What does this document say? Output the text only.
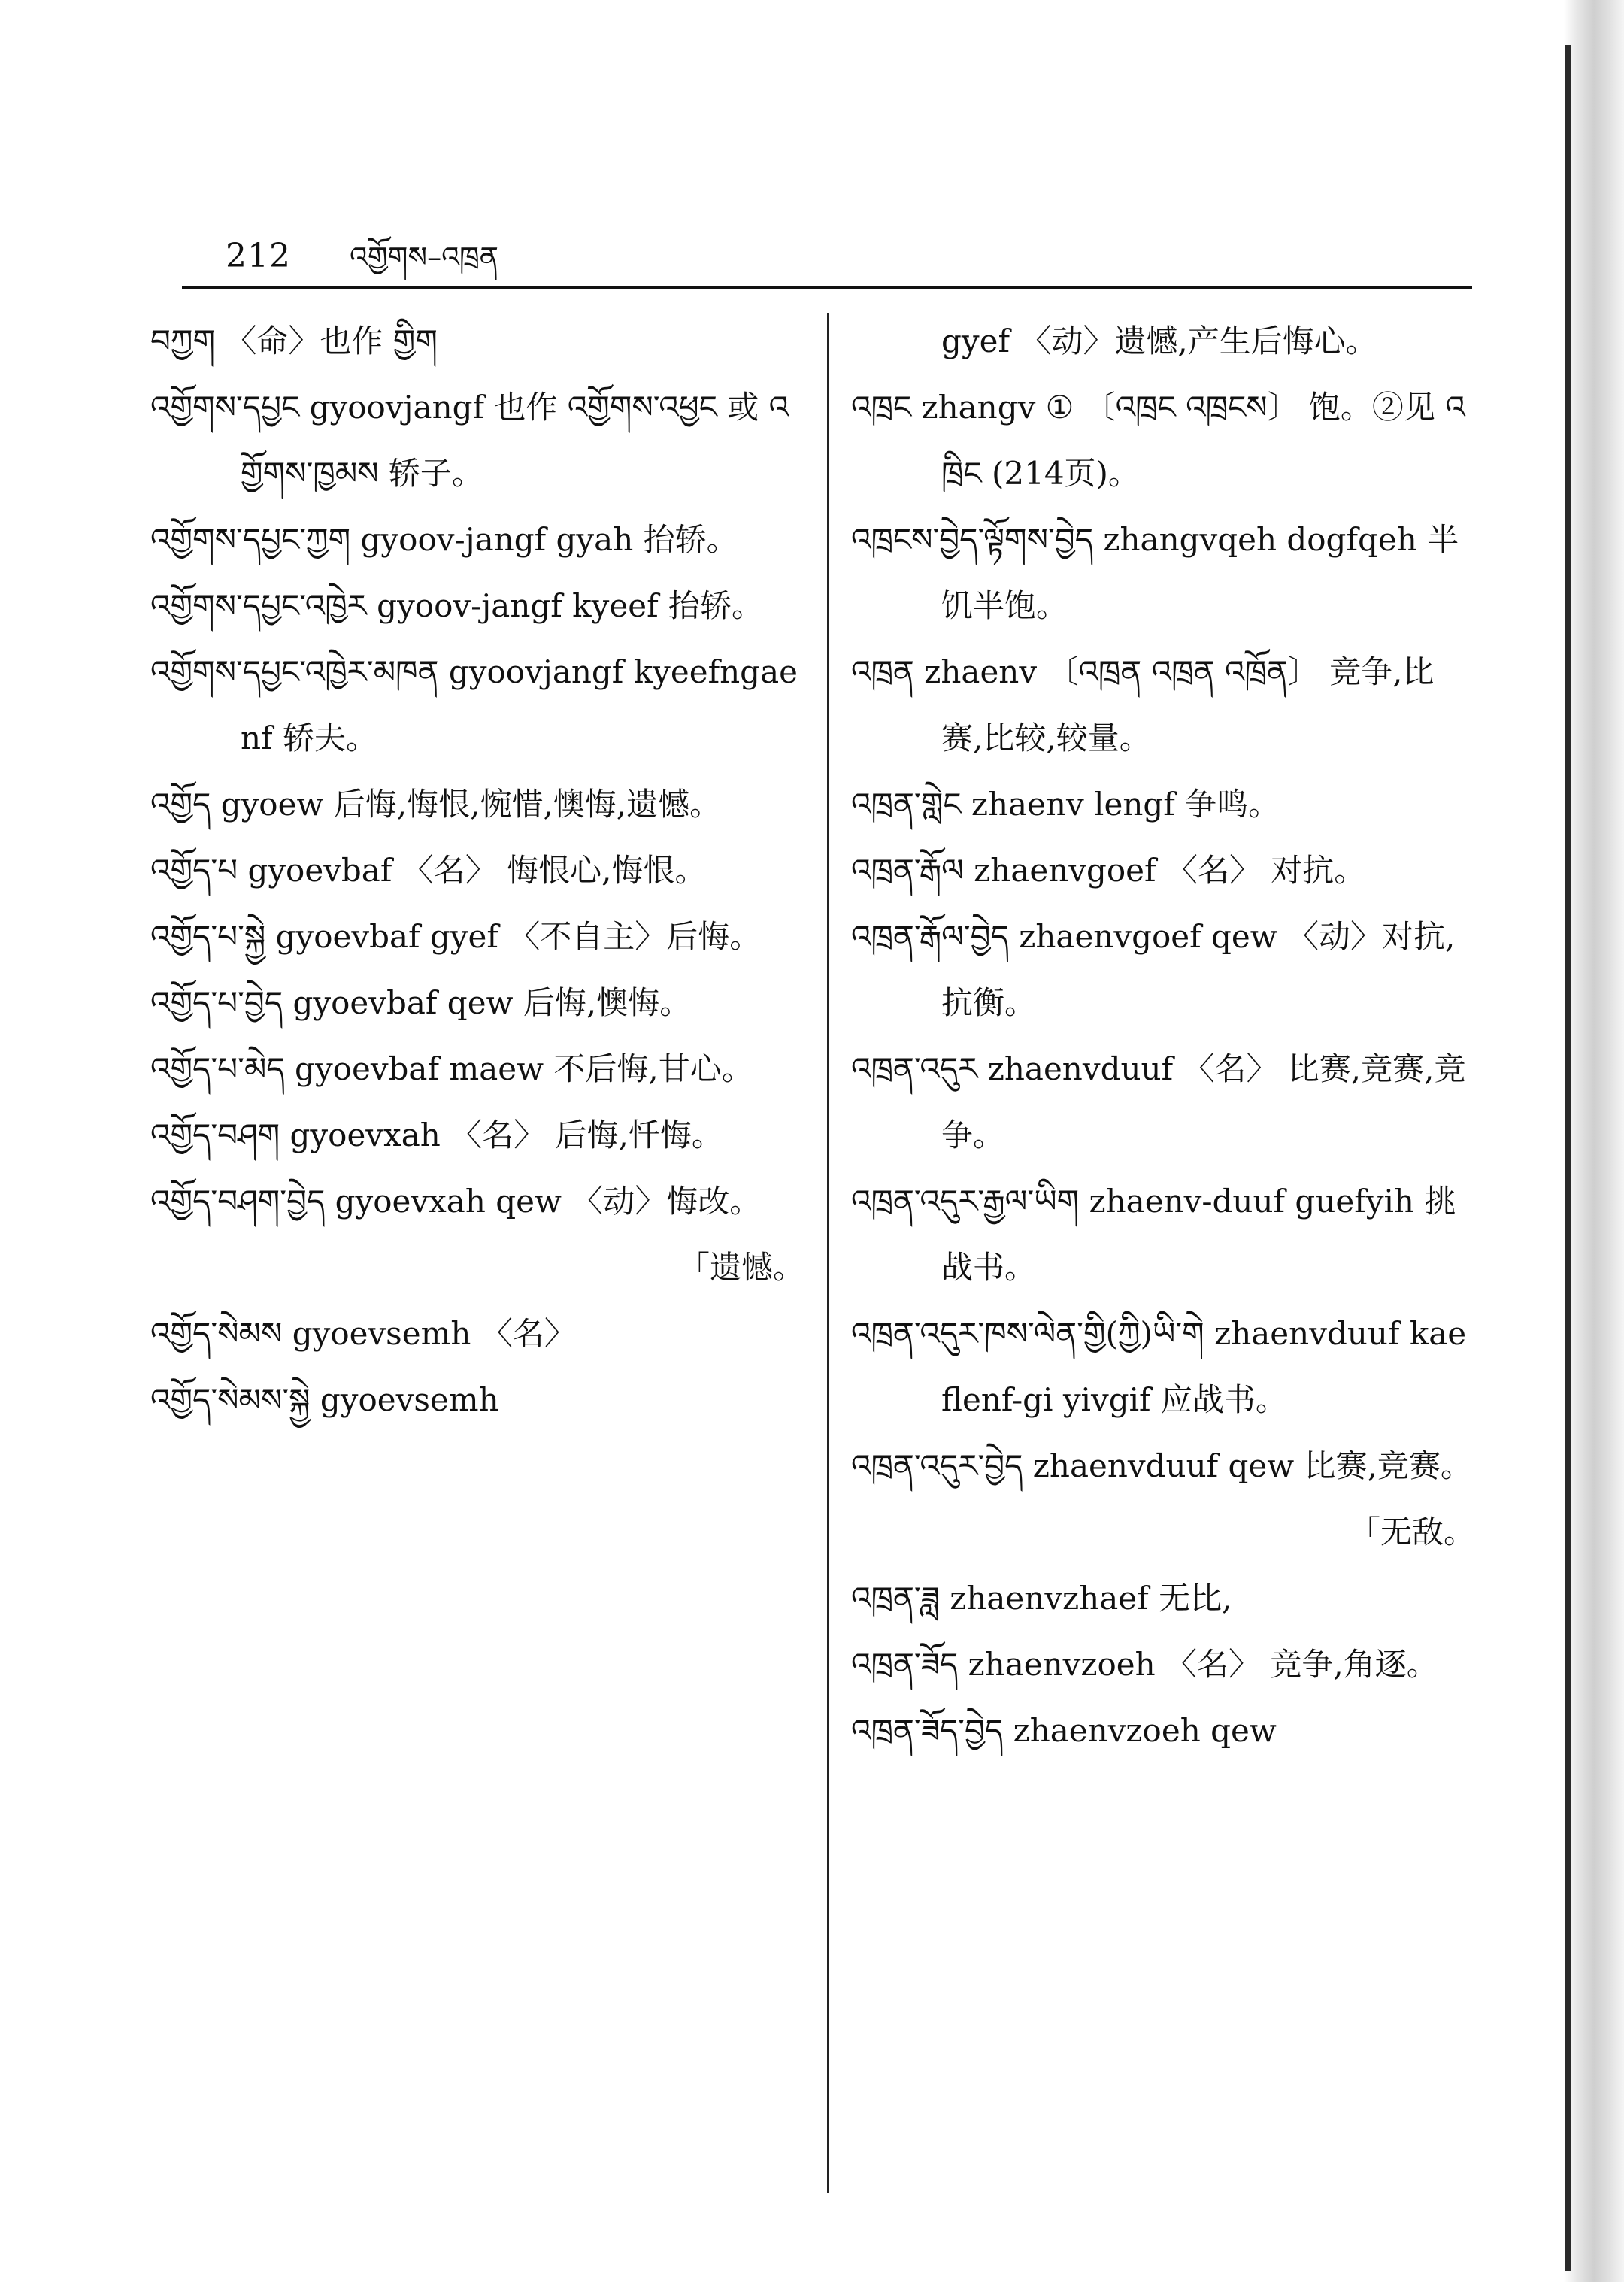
212 འགྱོགས–འཁྲན

བཀྱག 〈命〉也作 གྱིག

འགྱོགས་དཔྱང gyoovjangf 也作 འགྱོགས་འཕྱང 或 འགྱོགས་ཁྱམས 轿子。

འགྱོགས་དཔྱང་ཀྱག gyoov-jangf gyah 抬轿。

འགྱོགས་དཔྱང་འཁྱེར gyoov-jangf kyeef 抬轿。

འགྱོགས་དཔྱང་འཁྱེར་མཁན gyoovjangf kyeefngaenf 轿夫。

འགྱོད gyoew 后悔,悔恨,惋惜,懊悔,遗憾。

འགྱོད་པ gyoevbaf 〈名〉 悔恨心,悔恨。

འགྱོད་པ་སྐྱེ gyoevbaf gyef 〈不自主〉后悔。

འགྱོད་པ་བྱེད gyoevbaf qew 后悔,懊悔。

འགྱོད་པ་མེད gyoevbaf maew 不后悔,甘心。

འགྱོད་བཤག gyoevxah 〈名〉 后悔,忏悔。

འགྱོད་བཤག་བྱེད gyoevxah qew 〈动〉悔改。

「遗憾。

འགྱོད་སེམས gyoevsemh 〈名〉

འགྱོད་སེམས་སྐྱེ gyoevsemh

gyef 〈动〉遗憾,产生后悔心。

འཁྲང zhangv ① 〔འཁྲང འཁྲངས〕 饱。②见 འཁྲིང (214页)。

འཁྲངས་བྱེད་ལྟོགས་བྱེད zhangvqeh dogfqeh 半饥半饱。

འཁྲན zhaenv 〔འཁྲན འཁྲན འཁྲོན〕 竞争,比赛,比较,较量。

འཁྲན་གླེང zhaenv lengf 争鸣。

འཁྲན་རྒོལ zhaenvgoef 〈名〉 对抗。

འཁྲན་རྒོལ་བྱེད zhaenvgoef qew 〈动〉对抗,抗衡。

འཁྲན་འདུར zhaenvduuf 〈名〉 比赛,竞赛,竞争。

འཁྲན་འདུར་རྒྱལ་ཡིག zhaenv-duuf guefyih 挑战书。

འཁྲན་འདུར་ཁས་ལེན་གྱི(ཀྱི)ཡི་གེ zhaenvduuf kaeflenf-gi yivgif 应战书。

འཁྲན་འདུར་བྱེད zhaenvduuf qew 比赛,竞赛。

「无敌。

འཁྲན་ཟླ zhaenvzhaef 无比,

འཁྲན་ཟོད zhaenvzoeh 〈名〉 竞争,角逐。

འཁྲན་ཟོད་བྱེད zhaenvzoeh qew
